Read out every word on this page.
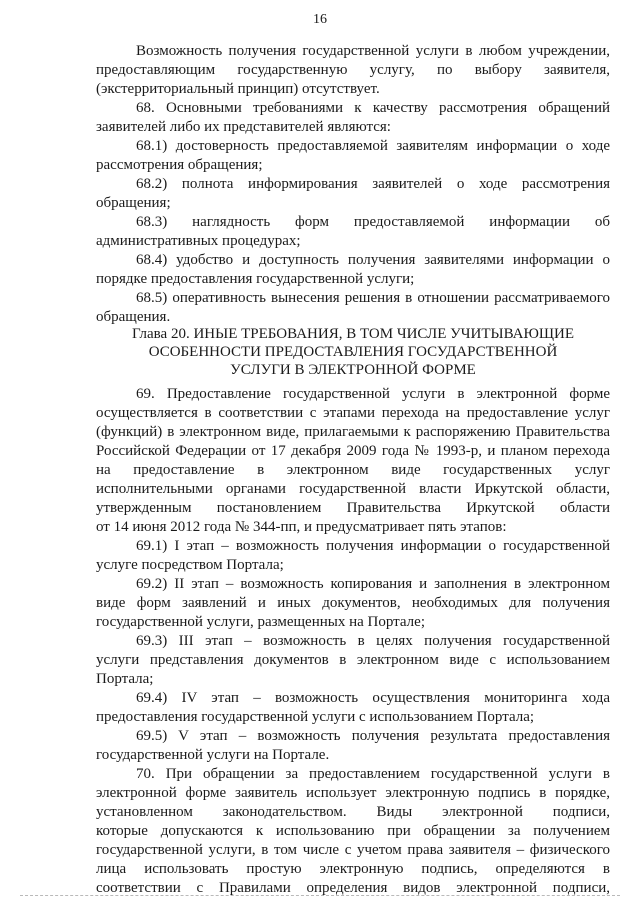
16
Возможность получения государственной услуги в любом учреждении,
предоставляющим государственную услугу, по выбору заявителя,
(экстерриториальный принцип) отсутствует.
68. Основными требованиями к качеству рассмотрения обращений
заявителей либо их представителей являются:
68.1) достоверность предоставляемой заявителям информации о ходе
рассмотрения обращения;
68.2) полнота информирования заявителей о ходе рассмотрения
обращения;
68.3) наглядность форм предоставляемой информации об
административных процедурах;
68.4) удобство и доступность получения заявителями информации о
порядке предоставления государственной услуги;
68.5) оперативность вынесения решения в отношении рассматриваемого
обращения.
Глава 20. ИНЫЕ ТРЕБОВАНИЯ, В ТОМ ЧИСЛЕ УЧИТЫВАЮЩИЕ
ОСОБЕННОСТИ ПРЕДОСТАВЛЕНИЯ ГОСУДАРСТВЕННОЙ
УСЛУГИ В ЭЛЕКТРОННОЙ ФОРМЕ
69. Предоставление государственной услуги в электронной форме
осуществляется в соответствии с этапами перехода на предоставление услуг
(функций) в электронном виде, прилагаемыми к распоряжению Правительства
Российской Федерации от 17 декабря 2009 года № 1993-р, и планом перехода
на предоставление в электронном виде государственных услуг
исполнительными органами государственной власти Иркутской области,
утвержденным постановлением Правительства Иркутской области
от 14 июня 2012 года № 344-пп, и предусматривает пять этапов:
69.1) I этап – возможность получения информации о государственной
услуге посредством Портала;
69.2) II этап – возможность копирования и заполнения в электронном
виде форм заявлений и иных документов, необходимых для получения
государственной услуги, размещенных на Портале;
69.3) III этап – возможность в целях получения государственной
услуги представления документов в электронном виде с использованием
Портала;
69.4) IV этап – возможность осуществления мониторинга хода
предоставления государственной услуги с использованием Портала;
69.5) V этап – возможность получения результата предоставления
государственной услуги на Портале.
70. При обращении за предоставлением государственной услуги в
электронной форме заявитель использует электронную подпись в порядке,
установленном законодательством. Виды электронной подписи,
которые допускаются к использованию при обращении за получением
государственной услуги, в том числе с учетом права заявителя – физического
лица использовать простую электронную подпись, определяются в
соответствии с Правилами определения видов электронной подписи,
